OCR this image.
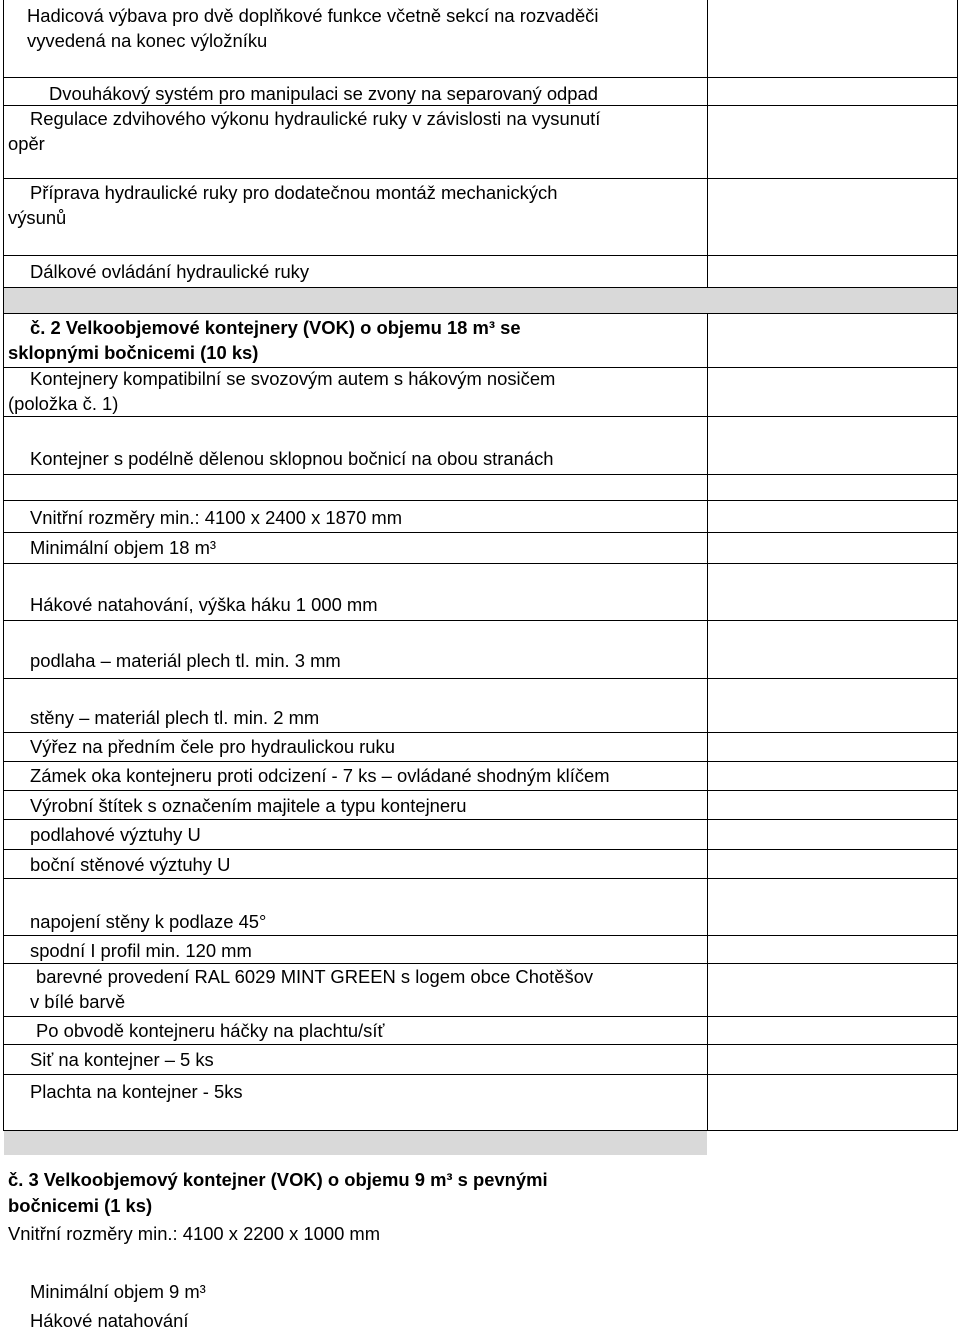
Hadicová výbava pro dvě doplňkové funkce včetně sekcí na rozvaděči
vyvedená na konec výložníku
Dvouhákový systém pro manipulaci se zvony na separovaný odpad
Regulace zdvihového výkonu hydraulické ruky v závislosti na vysunutí
opěr
Příprava hydraulické ruky pro dodatečnou montáž mechanických
výsunů
Dálkové ovládání hydraulické ruky
č. 2 Velkoobjemové kontejnery (VOK) o objemu 18 m³ se
sklopnými bočnicemi (10 ks)
Kontejnery kompatibilní se svozovým autem s hákovým nosičem
(položka č. 1)
Kontejner s podélně dělenou sklopnou bočnicí na obou stranách
Vnitřní rozměry min.: 4100 x 2400 x 1870 mm
Minimální objem 18 m³
Hákové natahování, výška háku 1 000 mm
podlaha – materiál plech tl. min. 3 mm
stěny – materiál plech tl. min. 2 mm
Výřez na předním čele pro hydraulickou ruku
Zámek oka kontejneru proti odcizení - 7 ks – ovládané shodným klíčem
Výrobní štítek s označením majitele a typu kontejneru
podlahové výztuhy U
boční stěnové výztuhy U
napojení stěny k podlaze 45°
spodní I profil min. 120 mm
barevné provedení RAL 6029 MINT GREEN s logem obce Chotěšov
v bílé barvě
Po obvodě kontejneru háčky na plachtu/síť
Siť na kontejner – 5 ks
Plachta na kontejner - 5ks
č. 3 Velkoobjemový kontejner (VOK) o objemu 9 m³ s pevnými
bočnicemi (1 ks)
Vnitřní rozměry min.: 4100 x 2200 x 1000 mm
Minimální objem 9 m³
Hákové natahování
